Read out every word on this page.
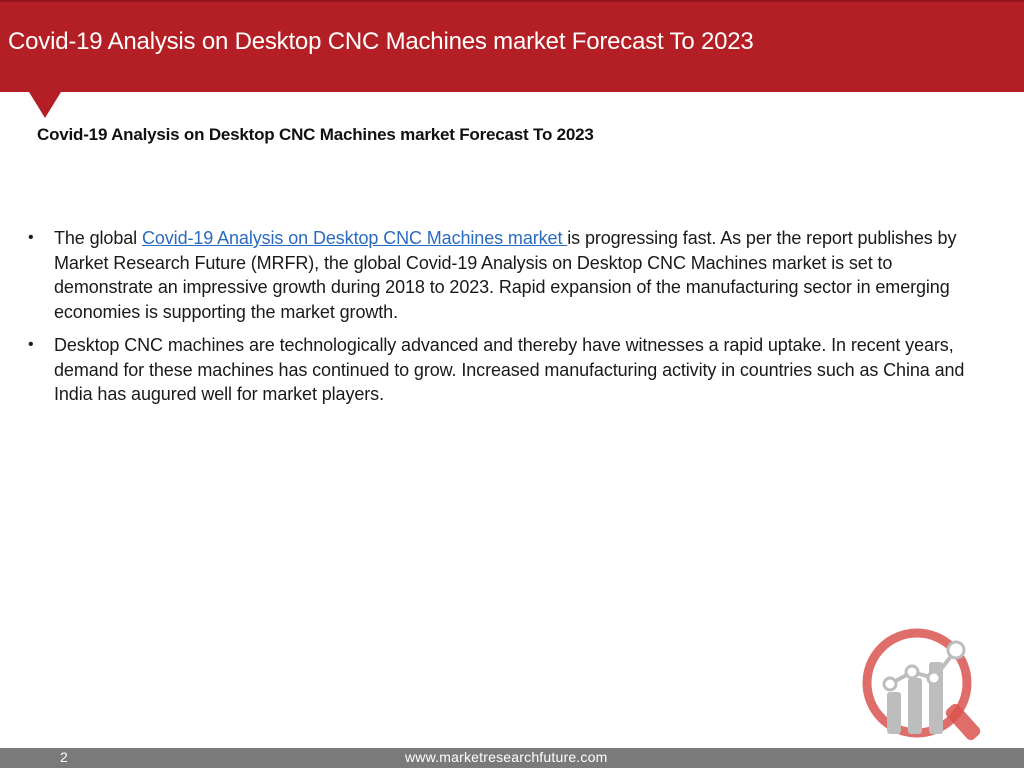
Covid-19 Analysis on Desktop CNC Machines market Forecast To 2023
Covid-19 Analysis on Desktop CNC Machines market Forecast To 2023
• The global Covid-19 Analysis on Desktop CNC Machines market is progressing fast. As per the report publishes by Market Research Future (MRFR), the global Covid-19 Analysis on Desktop CNC Machines market is set to demonstrate an impressive growth during 2018 to 2023. Rapid expansion of the manufacturing sector in emerging economies is supporting the market growth.
• Desktop CNC machines are technologically advanced and thereby have witnesses a rapid uptake. In recent years, demand for these machines has continued to grow. Increased manufacturing activity in countries such as China and India has augured well for market players.
2	www.marketresearchfuture.com
